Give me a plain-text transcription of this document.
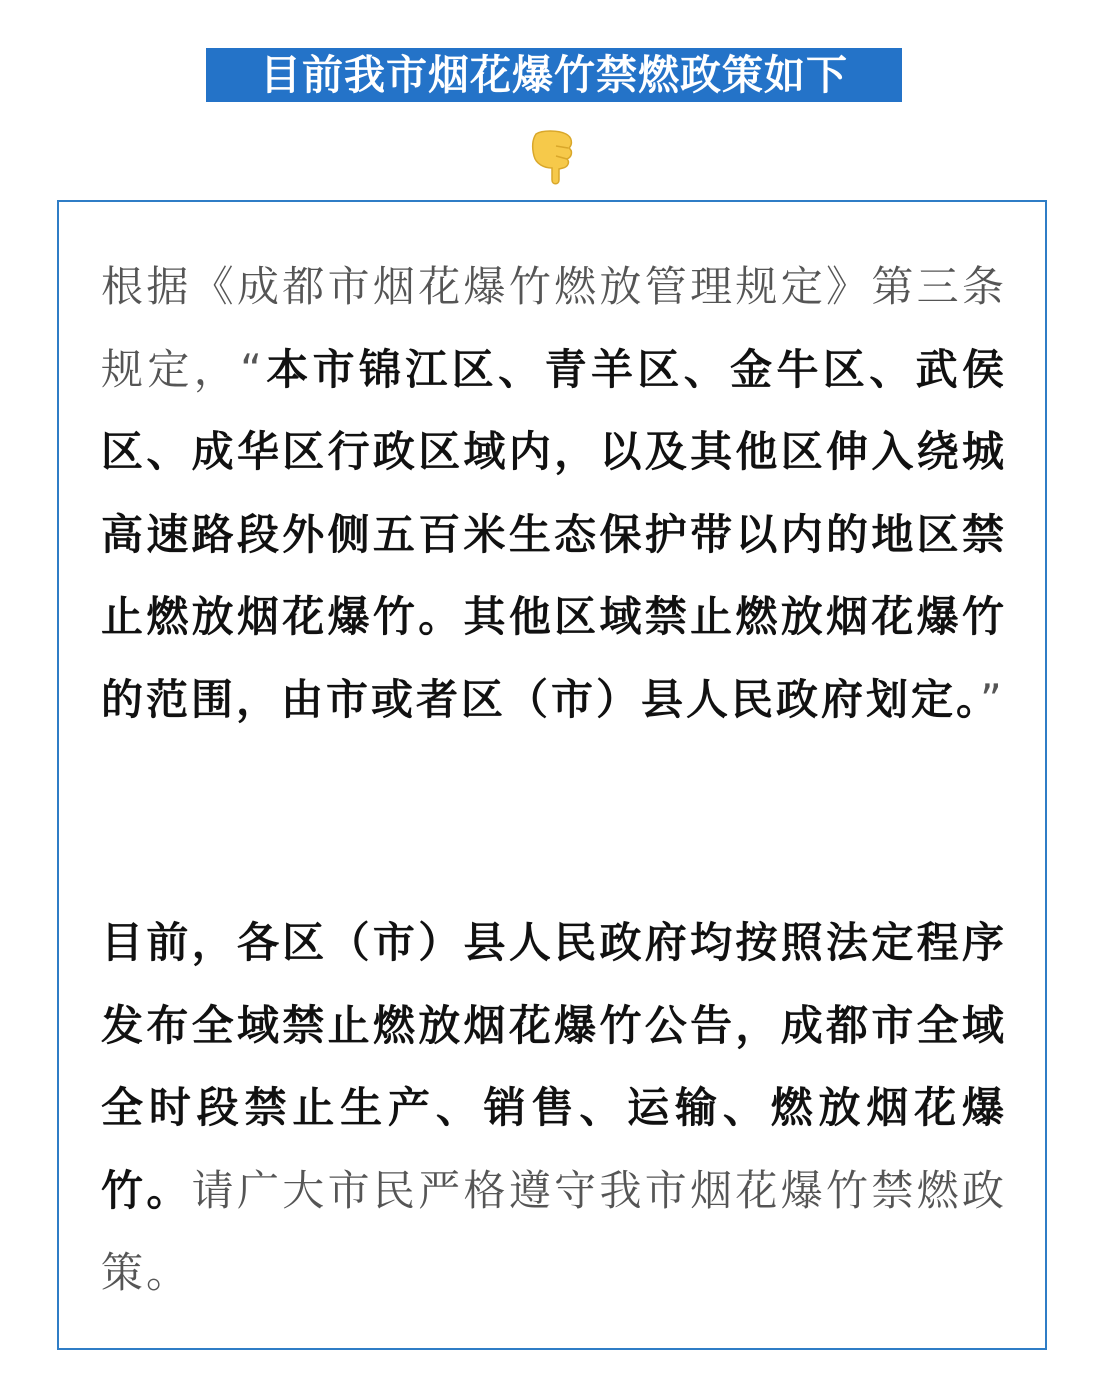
目前我市烟花爆竹禁燃政策如下

根据《成都市烟花爆竹燃放管理规定》第三条规定，“本市锦江区、青羊区、金牛区、武侯区、成华区行政区域内，以及其他区伸入绕城高速路段外侧五百米生态保护带以内的地区禁止燃放烟花爆竹。其他区域禁止燃放烟花爆竹的范围，由市或者区（市）县人民政府划定。”

目前，各区（市）县人民政府均按照法定程序发布全域禁止燃放烟花爆竹公告，成都市全域全时段禁止生产、销售、运输、燃放烟花爆竹。请广大市民严格遵守我市烟花爆竹禁燃政策。
